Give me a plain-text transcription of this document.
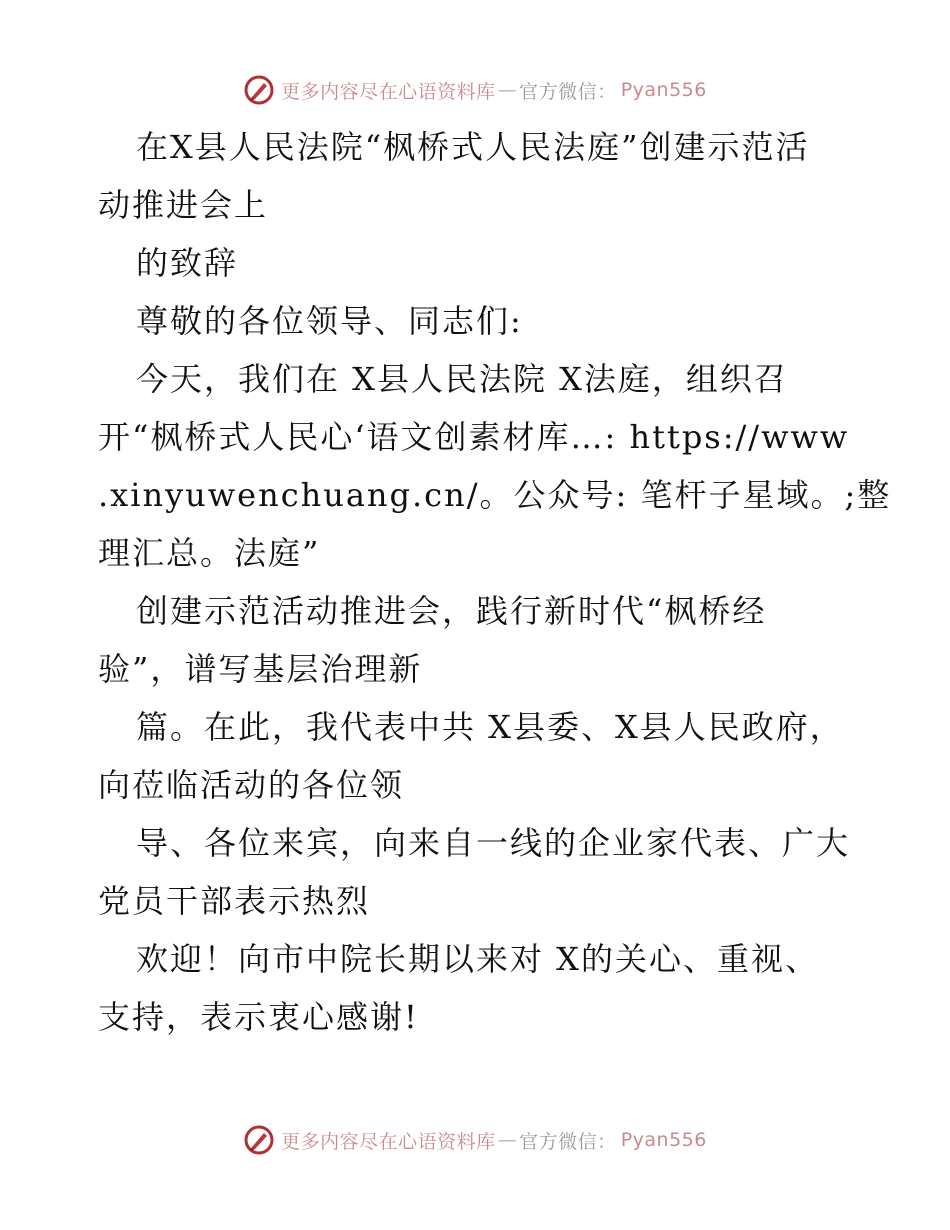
更多内容尽在心语资料库 — 官方微信： Pyan556
在X县人民法院“枫桥式人民法庭”创建示范活
动推进会上
的致辞
尊敬的各位领导、同志们:
今天，我们在 X县人民法院 X法庭，组织召
开“枫桥式人民心‘语文创素材库…: https://www
.xinyuwenchuang.cn/。公众号: 笔杆子星域。;整
理汇总。法庭”
创建示范活动推进会，践行新时代“枫桥经
验”，谱写基层治理新
篇。在此，我代表中共 X县委、X县人民政府，
向莅临活动的各位领
导、各位来宾，向来自一线的企业家代表、广大
党员干部表示热烈
欢迎！向市中院长期以来对 X的关心、重视、
支持，表示衷心感谢!
更多内容尽在心语资料库 — 官方微信： Pyan556
